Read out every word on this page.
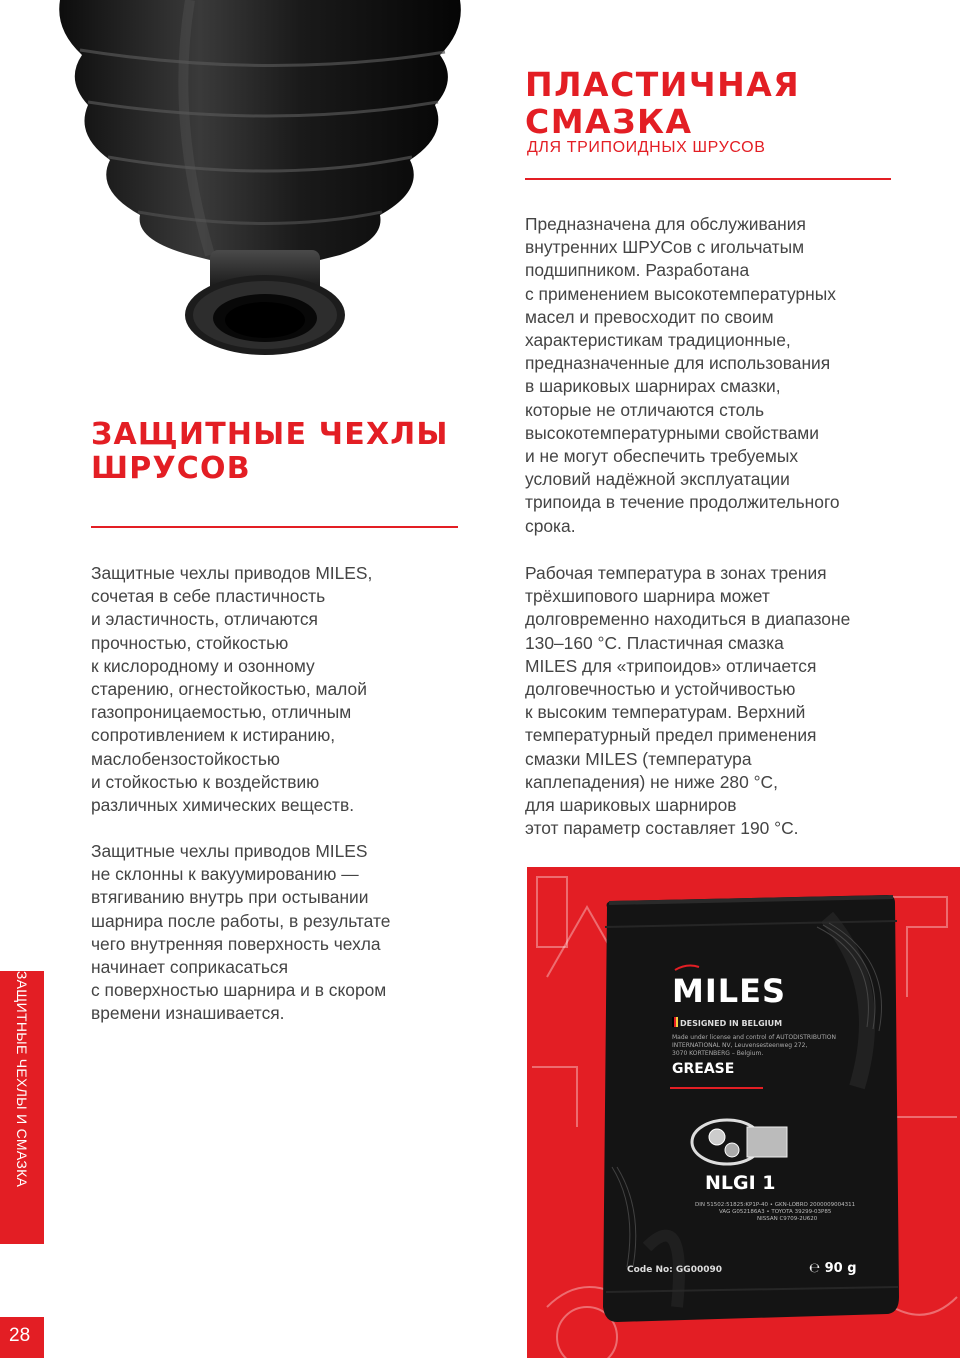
ПЛАСТИЧНАЯ
СМАЗКА
ДЛЯ ТРИПОИДНЫХ ШРУСОВ
Предназначена для обслуживания
внутренних ШРУСов с игольчатым
подшипником. Разработана
с применением высокотемпературных
масел и превосходит по своим
характеристикам традиционные,
предназначенные для использования
в шариковых шарнирах смазки,
которые не отличаются столь
высокотемпературными свойствами
и не могут обеспечить требуемых
условий надёжной эксплуатации
трипоида в течение продолжительного
срока.
Рабочая температура в зонах трения
трёхшипового шарнира может
долговременно находиться в диапазоне
130–160 °С. Пластичная смазка
MILES для «трипоидов» отличается
долговечностью и устойчивостью
к высоким температурам. Верхний
температурный предел применения
смазки MILES (температура
каплепадения) не ниже 280 °С,
для шариковых шарниров
этот параметр составляет 190 °С.
ЗАЩИТНЫЕ ЧЕХЛЫ
ШРУСОВ
Защитные чехлы приводов MILES,
сочетая в себе пластичность
и эластичность, отличаются
прочностью, стойкостью
к кислородному и озонному
старению, огнестойкостью, малой
газопроницаемостью, отличным
сопротивлением к истиранию,
маслобензостойкостью
и стойкостью к воздействию
различных химических веществ.
Защитные чехлы приводов MILES
не склонны к вакуумированию —
втягиванию внутрь при остывании
шарнира после работы, в результате
чего внутренняя поверхность чехла
начинает соприкасаться
с поверхностью шарнира и в скором
времени изнашивается.
ЗАЩИТНЫЕ ЧЕХЛЫ И СМАЗКА
28
MILES
DESIGNED IN BELGIUM
Made under license and control of AUTODISTRIBUTION
INTERNATIONAL NV, Leuvensesteenweg 272,
3070 KORTENBERG – Belgium.
GREASE
NLGI 1
DIN 51502:51825:KP1P-40 • GKN-LOBRO 2000009004311
VAG G052186A3 • TOYOTA 39299-03P85
NISSAN C9709-2U620
Code No: GG00090	℮ 90 g
